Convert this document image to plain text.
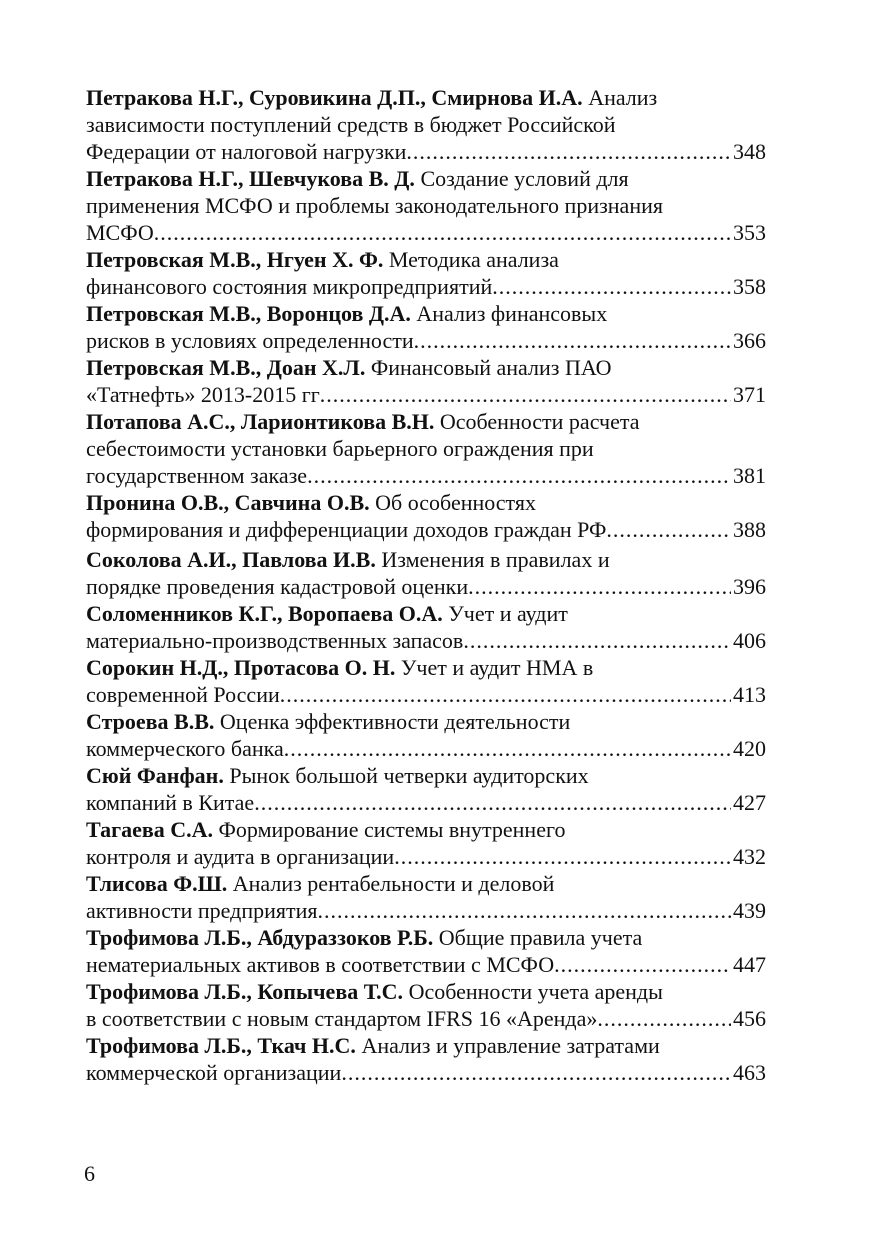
Петракова Н.Г., Суровикина Д.П., Смирнова И.А. Анализ
зависимости поступлений средств в бюджет Российской
Федерации от налоговой нагрузки .....	348
Петракова Н.Г., Шевчукова В. Д. Создание условий для
применения МСФО и проблемы законодательного признания
МСФО .....	353
Петровская М.В., Нгуен Х. Ф. Методика анализа
финансового состояния микропредприятий .....	358
Петровская М.В., Воронцов Д.А. Анализ финансовых
рисков в условиях определенности .....	366
Петровская М.В., Доан Х.Л. Финансовый анализ ПАО
«Татнефть» 2013-2015 гг .....	371
Потапова А.С., Ларионтикова В.Н. Особенности расчета
себестоимости установки барьерного ограждения при
государственном заказе .....	381
Пронина О.В., Савчина О.В. Об особенностях
формирования и дифференциации доходов граждан РФ .....	388
Соколова А.И., Павлова И.В. Изменения в правилах и
порядке проведения кадастровой оценки .....	396
Соломенников К.Г., Воропаева О.А. Учет и аудит
материально-производственных запасов .....	406
Сорокин Н.Д., Протасова О. Н. Учет и аудит НМА в
современной России .....	413
Строева В.В. Оценка эффективности деятельности
коммерческого банка .....	420
Сюй Фанфан. Рынок большой четверки аудиторских
компаний в Китае .....	427
Тагаева С.А. Формирование системы внутреннего
контроля и аудита в организации .....	432
Тлисова Ф.Ш. Анализ рентабельности и деловой
активности предприятия .....	439
Трофимова Л.Б., Абдураззоков Р.Б. Общие правила учета
нематериальных активов в соответствии с МСФО .....	447
Трофимова Л.Б., Копычева Т.С. Особенности учета аренды
в соответствии с новым стандартом IFRS 16 «Аренда» .....	456
Трофимова Л.Б., Ткач Н.С. Анализ и управление затратами
коммерческой организации .....	463
6
